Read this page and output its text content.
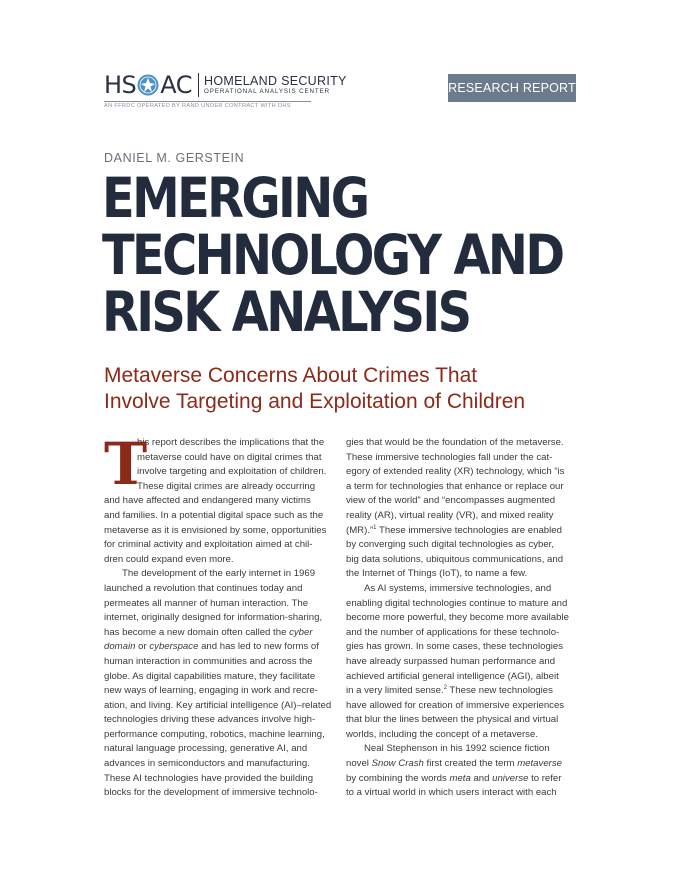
HS AC HOMELAND SECURITY
OPERATIONAL ANALYSIS CENTER
AN FFRDC OPERATED BY RAND UNDER CONTRACT WITH DHS
RESEARCH REPORT
DANIEL M. GERSTEIN
EMERGING
TECHNOLOGY AND
RISK ANALYSIS
Metaverse Concerns About Crimes That
Involve Targeting and Exploitation of Children
T
his report describes the implications that the
metaverse could have on digital crimes that
involve targeting and exploitation of children.
These digital crimes are already occurring
and have affected and endangered many victims
and families. In a potential digital space such as the
metaverse as it is envisioned by some, opportunities
for criminal activity and exploitation aimed at chil-
dren could expand even more.
The development of the early internet in 1969
launched a revolution that continues today and
permeates all manner of human interaction. The
internet, originally designed for information-sharing,
has become a new domain often called the cyber
domain or cyberspace and has led to new forms of
human interaction in communities and across the
globe. As digital capabilities mature, they facilitate
new ways of learning, engaging in work and recre-
ation, and living. Key artificial intelligence (AI)–related
technologies driving these advances involve high-
performance computing, robotics, machine learning,
natural language processing, generative AI, and
advances in semiconductors and manufacturing.
These AI technologies have provided the building
blocks for the development of immersive technolo-
gies that would be the foundation of the metaverse.
These immersive technologies fall under the cat-
egory of extended reality (XR) technology, which “is
a term for technologies that enhance or replace our
view of the world” and “encompasses augmented
reality (AR), virtual reality (VR), and mixed reality
(MR).”$^1$ These immersive technologies are enabled
by converging such digital technologies as cyber,
big data solutions, ubiquitous communications, and
the Internet of Things (IoT), to name a few.
As AI systems, immersive technologies, and
enabling digital technologies continue to mature and
become more powerful, they become more available
and the number of applications for these technolo-
gies has grown. In some cases, these technologies
have already surpassed human performance and
achieved artificial general intelligence (AGI), albeit
in a very limited sense.$^2$ These new technologies
have allowed for creation of immersive experiences
that blur the lines between the physical and virtual
worlds, including the concept of a metaverse.
Neal Stephenson in his 1992 science fiction
novel Snow Crash first created the term metaverse
by combining the words meta and universe to refer
to a virtual world in which users interact with each
